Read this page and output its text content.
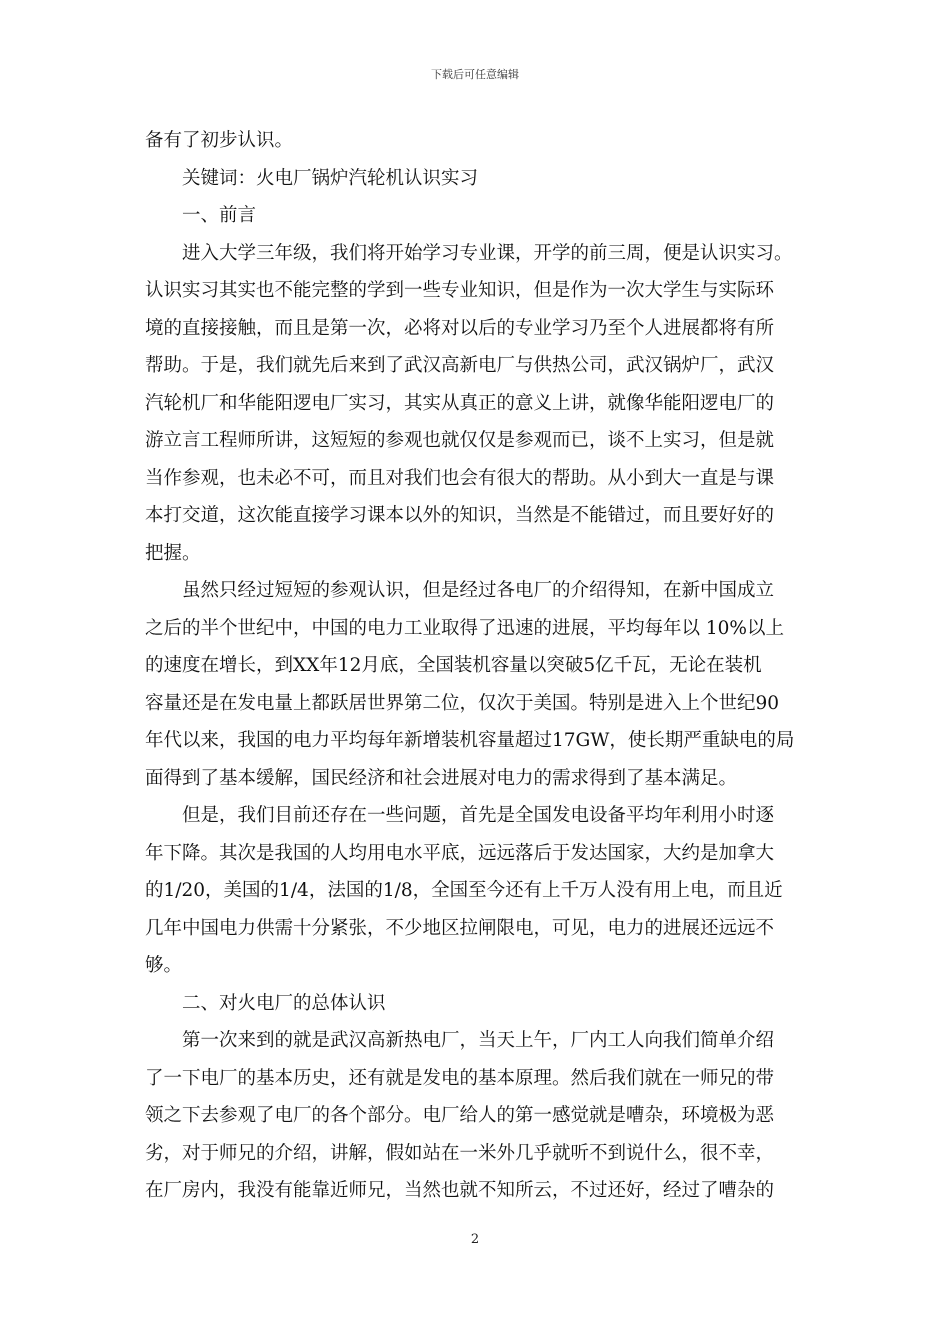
下载后可任意编辑
备有了初步认识。
关键词：火电厂锅炉汽轮机认识实习
一、前言
进入大学三年级，我们将开始学习专业课，开学的前三周，便是认识实习。
认识实习其实也不能完整的学到一些专业知识，但是作为一次大学生与实际环
境的直接接触，而且是第一次，必将对以后的专业学习乃至个人进展都将有所
帮助。于是，我们就先后来到了武汉高新电厂与供热公司，武汉锅炉厂，武汉
汽轮机厂和华能阳逻电厂实习，其实从真正的意义上讲，就像华能阳逻电厂的
游立言工程师所讲，这短短的参观也就仅仅是参观而已，谈不上实习，但是就
当作参观，也未必不可，而且对我们也会有很大的帮助。从小到大一直是与课
本打交道，这次能直接学习课本以外的知识，当然是不能错过，而且要好好的
把握。
虽然只经过短短的参观认识，但是经过各电厂的介绍得知，在新中国成立
之后的半个世纪中，中国的电力工业取得了迅速的进展，平均每年以 10%以上
的速度在增长，到XX年12月底，全国装机容量以突破5亿千瓦，无论在装机
容量还是在发电量上都跃居世界第二位，仅次于美国。特别是进入上个世纪90
年代以来，我国的电力平均每年新增装机容量超过17GW，使长期严重缺电的局
面得到了基本缓解，国民经济和社会进展对电力的需求得到了基本满足。
但是，我们目前还存在一些问题，首先是全国发电设备平均年利用小时逐
年下降。其次是我国的人均用电水平底，远远落后于发达国家，大约是加拿大
的1/20，美国的1/4，法国的1/8，全国至今还有上千万人没有用上电，而且近
几年中国电力供需十分紧张，不少地区拉闸限电，可见，电力的进展还远远不
够。
二、对火电厂的总体认识
第一次来到的就是武汉高新热电厂，当天上午，厂内工人向我们简单介绍
了一下电厂的基本历史，还有就是发电的基本原理。然后我们就在一师兄的带
领之下去参观了电厂的各个部分。电厂给人的第一感觉就是嘈杂，环境极为恶
劣，对于师兄的介绍，讲解，假如站在一米外几乎就听不到说什么，很不幸，
在厂房内，我没有能靠近师兄，当然也就不知所云，不过还好，经过了嘈杂的
2
